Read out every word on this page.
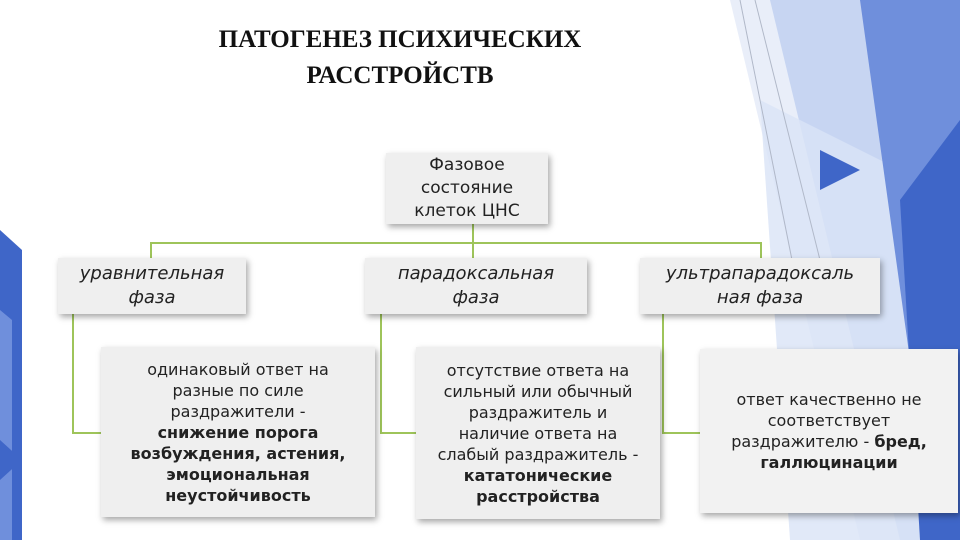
ПАТОГЕНЕЗ ПСИХИЧЕСКИХ
РАССТРОЙСТВ
Фазовое
состояние
клеток ЦНС
уравнительная
фаза
парадоксальная
фаза
ультрапарадоксаль
ная фаза
одинаковый ответ на
разные по силе
раздражители -
снижение порога
возбуждения, астения,
эмоциональная
неустойчивость
отсутствие ответа на
сильный или обычный
раздражитель и
наличие ответа на
слабый раздражитель -
кататонические
расстройства
ответ качественно не
соответствует
раздражителю - бред,
галлюцинации
